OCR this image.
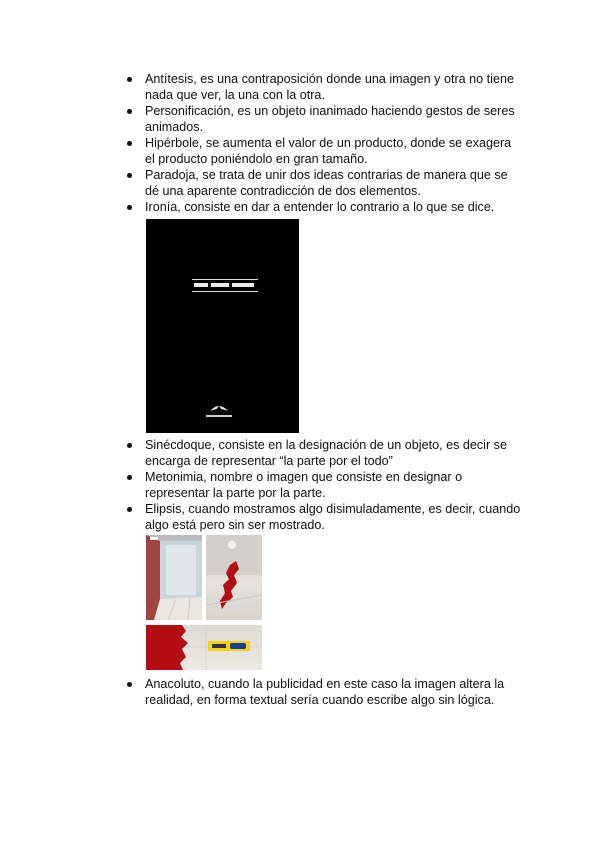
Antítesis, es una contraposición donde una imagen y otra no tiene nada que ver, la una con la otra.
Personificación, es un objeto inanimado haciendo gestos de seres animados.
Hipérbole, se aumenta el valor de un producto, donde se exagera el producto poniéndolo en gran tamaño.
Paradoja, se trata de unir dos ideas contrarias de manera que se dé una aparente contradicción de dos elementos.
Ironía, consiste en dar a entender lo contrario a lo que se dice.
Sinécdoque, consiste en la designación de un objeto, es decir se encarga de representar “la parte por el todo”
Metonimia, nombre o imagen que consiste en designar o representar la parte por la parte.
Elipsis, cuando mostramos algo disimuladamente, es decir, cuando algo está pero sin ser mostrado.
Anacoluto, cuando la publicidad en este caso la imagen altera la realidad, en forma textual sería cuando escribe algo sin lógica.
